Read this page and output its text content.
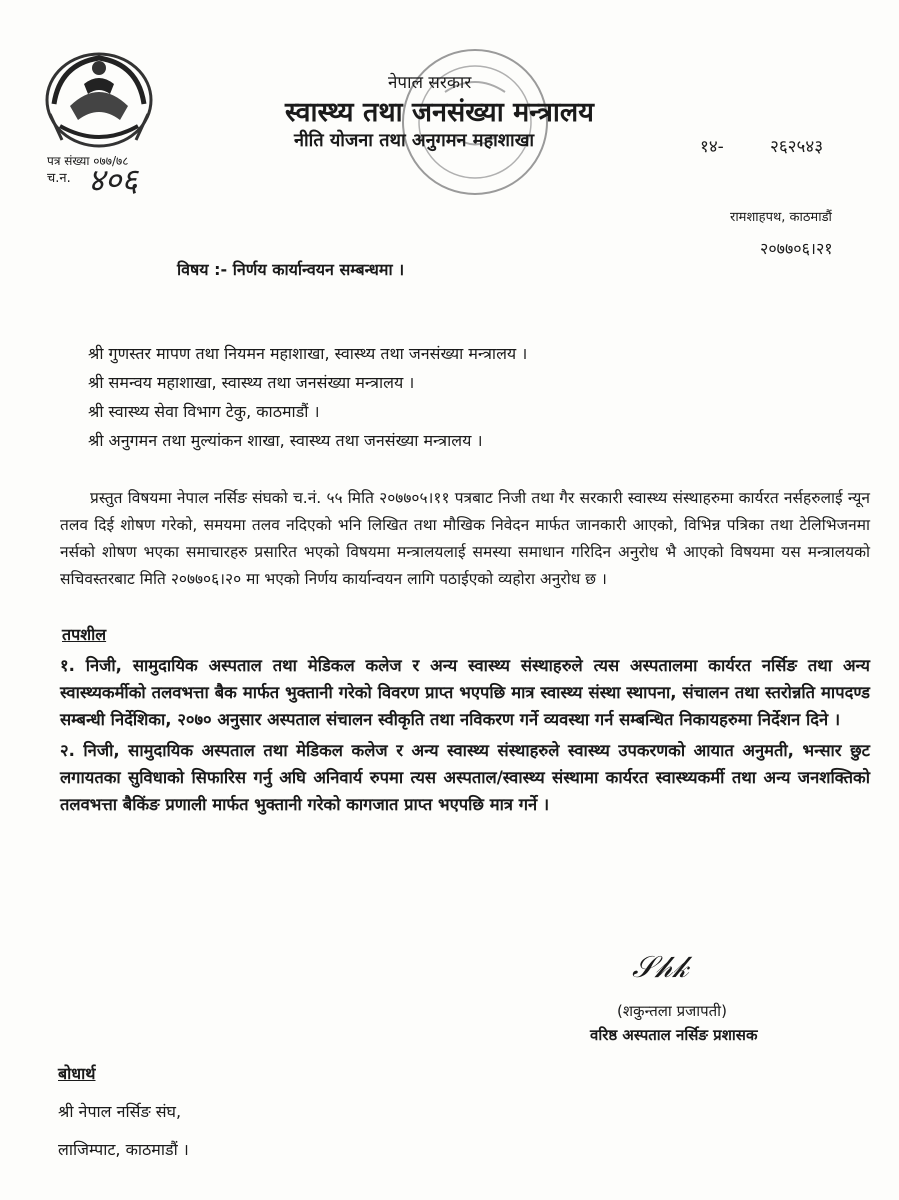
नेपाल सरकार
स्वास्थ्य तथा जनसंख्या मन्त्रालय
नीति योजना तथा अनुगमन महाशाखा	१४-	२६२५४३
पत्र संख्या ०७७/७८
च.न. ४०६
रामशाहपथ, काठमाडौं
२०७७०६।२१
विषय :- निर्णय कार्यान्वयन सम्बन्धमा ।
श्री गुणस्तर मापण तथा नियमन महाशाखा, स्वास्थ्य तथा जनसंख्या मन्त्रालय ।
श्री समन्वय महाशाखा, स्वास्थ्य तथा जनसंख्या मन्त्रालय ।
श्री स्वास्थ्य सेवा विभाग टेकु, काठमाडौं ।
श्री अनुगमन तथा मुल्यांकन शाखा, स्वास्थ्य तथा जनसंख्या मन्त्रालय ।
प्रस्तुत विषयमा नेपाल नर्सिङ संघको च.नं. ५५ मिति २०७७०५।११ पत्रबाट निजी तथा गैर सरकारी स्वास्थ्य संस्थाहरुमा कार्यरत नर्सहरुलाई न्यून तलव दिई शोषण गरेको, समयमा तलव नदिएको भनि लिखित तथा मौखिक निवेदन मार्फत जानकारी आएको, विभिन्न पत्रिका तथा टेलिभिजनमा नर्सको शोषण भएका समाचारहरु प्रसारित भएको विषयमा मन्त्रालयलाई समस्या समाधान गरिदिन अनुरोध भै आएको विषयमा यस मन्त्रालयको सचिवस्तरबाट मिति २०७७०६।२० मा भएको निर्णय कार्यान्वयन लागि पठाईएको व्यहोरा अनुरोध छ ।
तपशील

१. निजी, सामुदायिक अस्पताल तथा मेडिकल कलेज र अन्य स्वास्थ्य संस्थाहरुले त्यस अस्पतालमा कार्यरत नर्सिङ तथा अन्य स्वास्थ्यकर्मीको तलवभत्ता बैक मार्फत भुक्तानी गरेको विवरण प्राप्त भएपछि मात्र स्वास्थ्य संस्था स्थापना, संचालन तथा स्तरोन्नति मापदण्ड सम्बन्धी निर्देशिका, २०७० अनुसार अस्पताल संचालन स्वीकृति तथा नविकरण गर्ने व्यवस्था गर्न सम्बन्धित निकायहरुमा निर्देशन दिने ।

२. निजी, सामुदायिक अस्पताल तथा मेडिकल कलेज र अन्य स्वास्थ्य संस्थाहरुले स्वास्थ्य उपकरणको आयात अनुमती, भन्सार छुट लगायतका सुविधाको सिफारिस गर्नु अघि अनिवार्य रुपमा त्यस अस्पताल/स्वास्थ्य संस्थामा कार्यरत स्वास्थ्यकर्मी तथा अन्य जनशक्तिको तलवभत्ता बैकिंङ प्रणाली मार्फत भुक्तानी गरेको कागजात प्राप्त भएपछि मात्र गर्ने ।

𝒮𝒽𝓀
(शकुन्तला प्रजापती)
वरिष्ठ अस्पताल नर्सिङ प्रशासक
बोधार्थ
श्री नेपाल नर्सिङ संघ,
लाजिम्पाट, काठमाडौं ।
